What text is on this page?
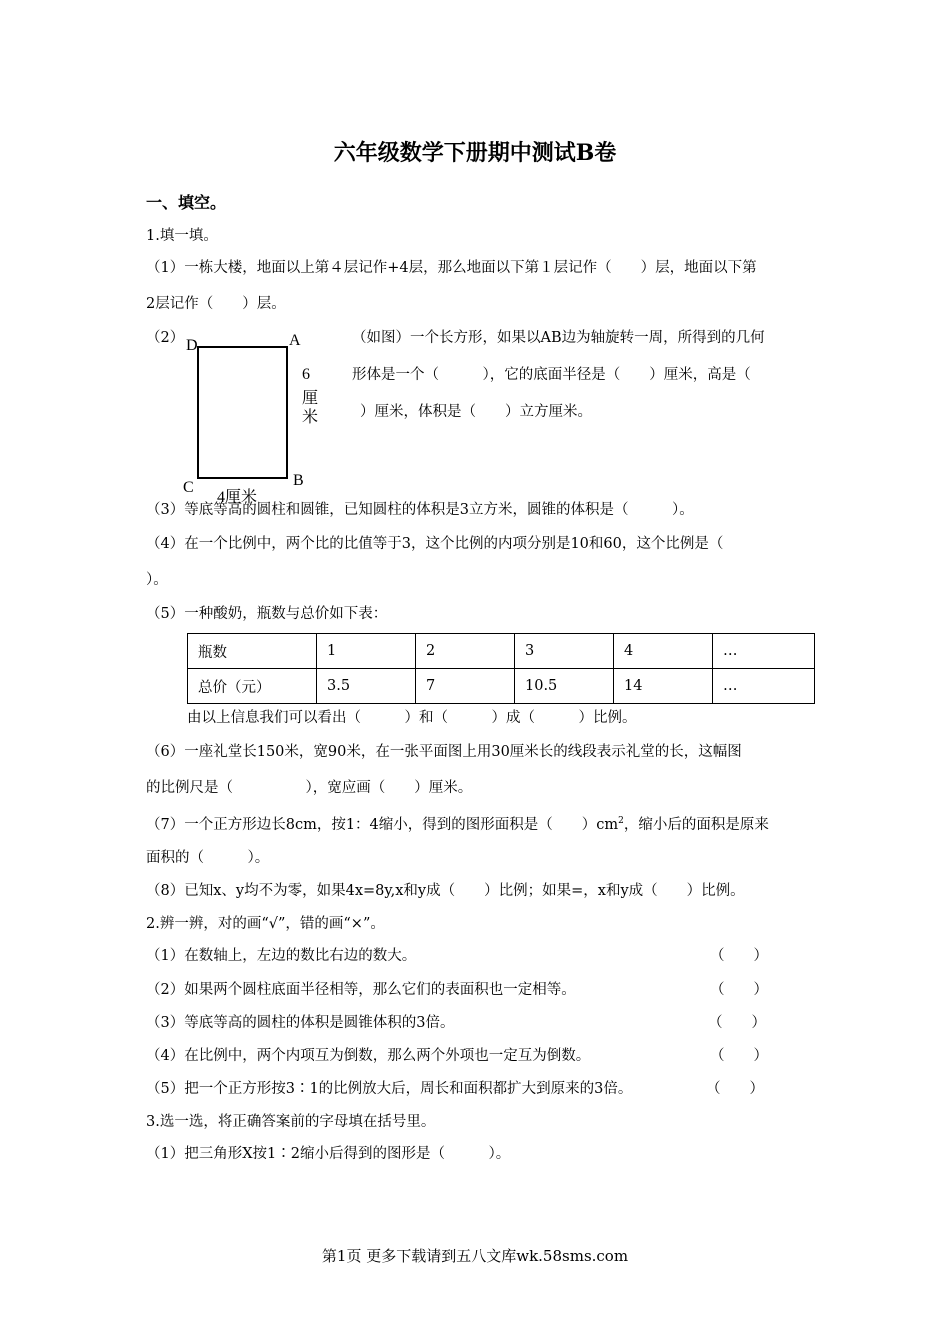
六年级数学下册期中测试B卷
一、填空。
1.填一填。
（1）一栋大楼，地面以上第４层记作+4层，那么地面以下第１层记作（　　）层，地面以下第
2层记作（　　）层。
（2） D	A
C	B
6
厘
米
4厘米
（如图）一个长方形，如果以AB边为轴旋转一周，所得到的几何
形体是一个（　　　），它的底面半径是（　　）厘米，高是（
）厘米，体积是（　　）立方厘米。
（3）等底等高的圆柱和圆锥，已知圆柱的体积是3立方米，圆锥的体积是（　　　）。
（4）在一个比例中，两个比的比值等于3，这个比例的内项分别是10和60，这个比例是（
）。
（5）一种酸奶，瓶数与总价如下表：
瓶数	1	2	3	4	…
总价（元）	3.5	7	10.5	14	…
由以上信息我们可以看出（　　　）和（　　　）成（　　　）比例。
（6）一座礼堂长150米，宽90米，在一张平面图上用30厘米长的线段表示礼堂的长，这幅图
的比例尺是（　　　　　），宽应画（　　）厘米。
（7）一个正方形边长8cm，按1：4缩小，得到的图形面积是（　　）$cm^2$，缩小后的面积是原来
面积的（　　　）。
（8）已知x、y均不为零，如果4x=8y,x和y成（　　）比例；如果=，x和y成（　　）比例。
2.辨一辨，对的画“√”，错的画“×”。
（1）在数轴上，左边的数比右边的数大。	（　　）
（2）如果两个圆柱底面半径相等，那么它们的表面积也一定相等。	（　　）
（3）等底等高的圆柱的体积是圆锥体积的3倍。	（　　）
（4）在比例中，两个内项互为倒数，那么两个外项也一定互为倒数。	（　　）
（5）把一个正方形按3∶1的比例放大后，周长和面积都扩大到原来的3倍。	（　　）
3.选一选，将正确答案前的字母填在括号里。
（1）把三角形X按1∶2缩小后得到的图形是（　　　）。
第1页 更多下载请到五八文库wk.58sms.com
